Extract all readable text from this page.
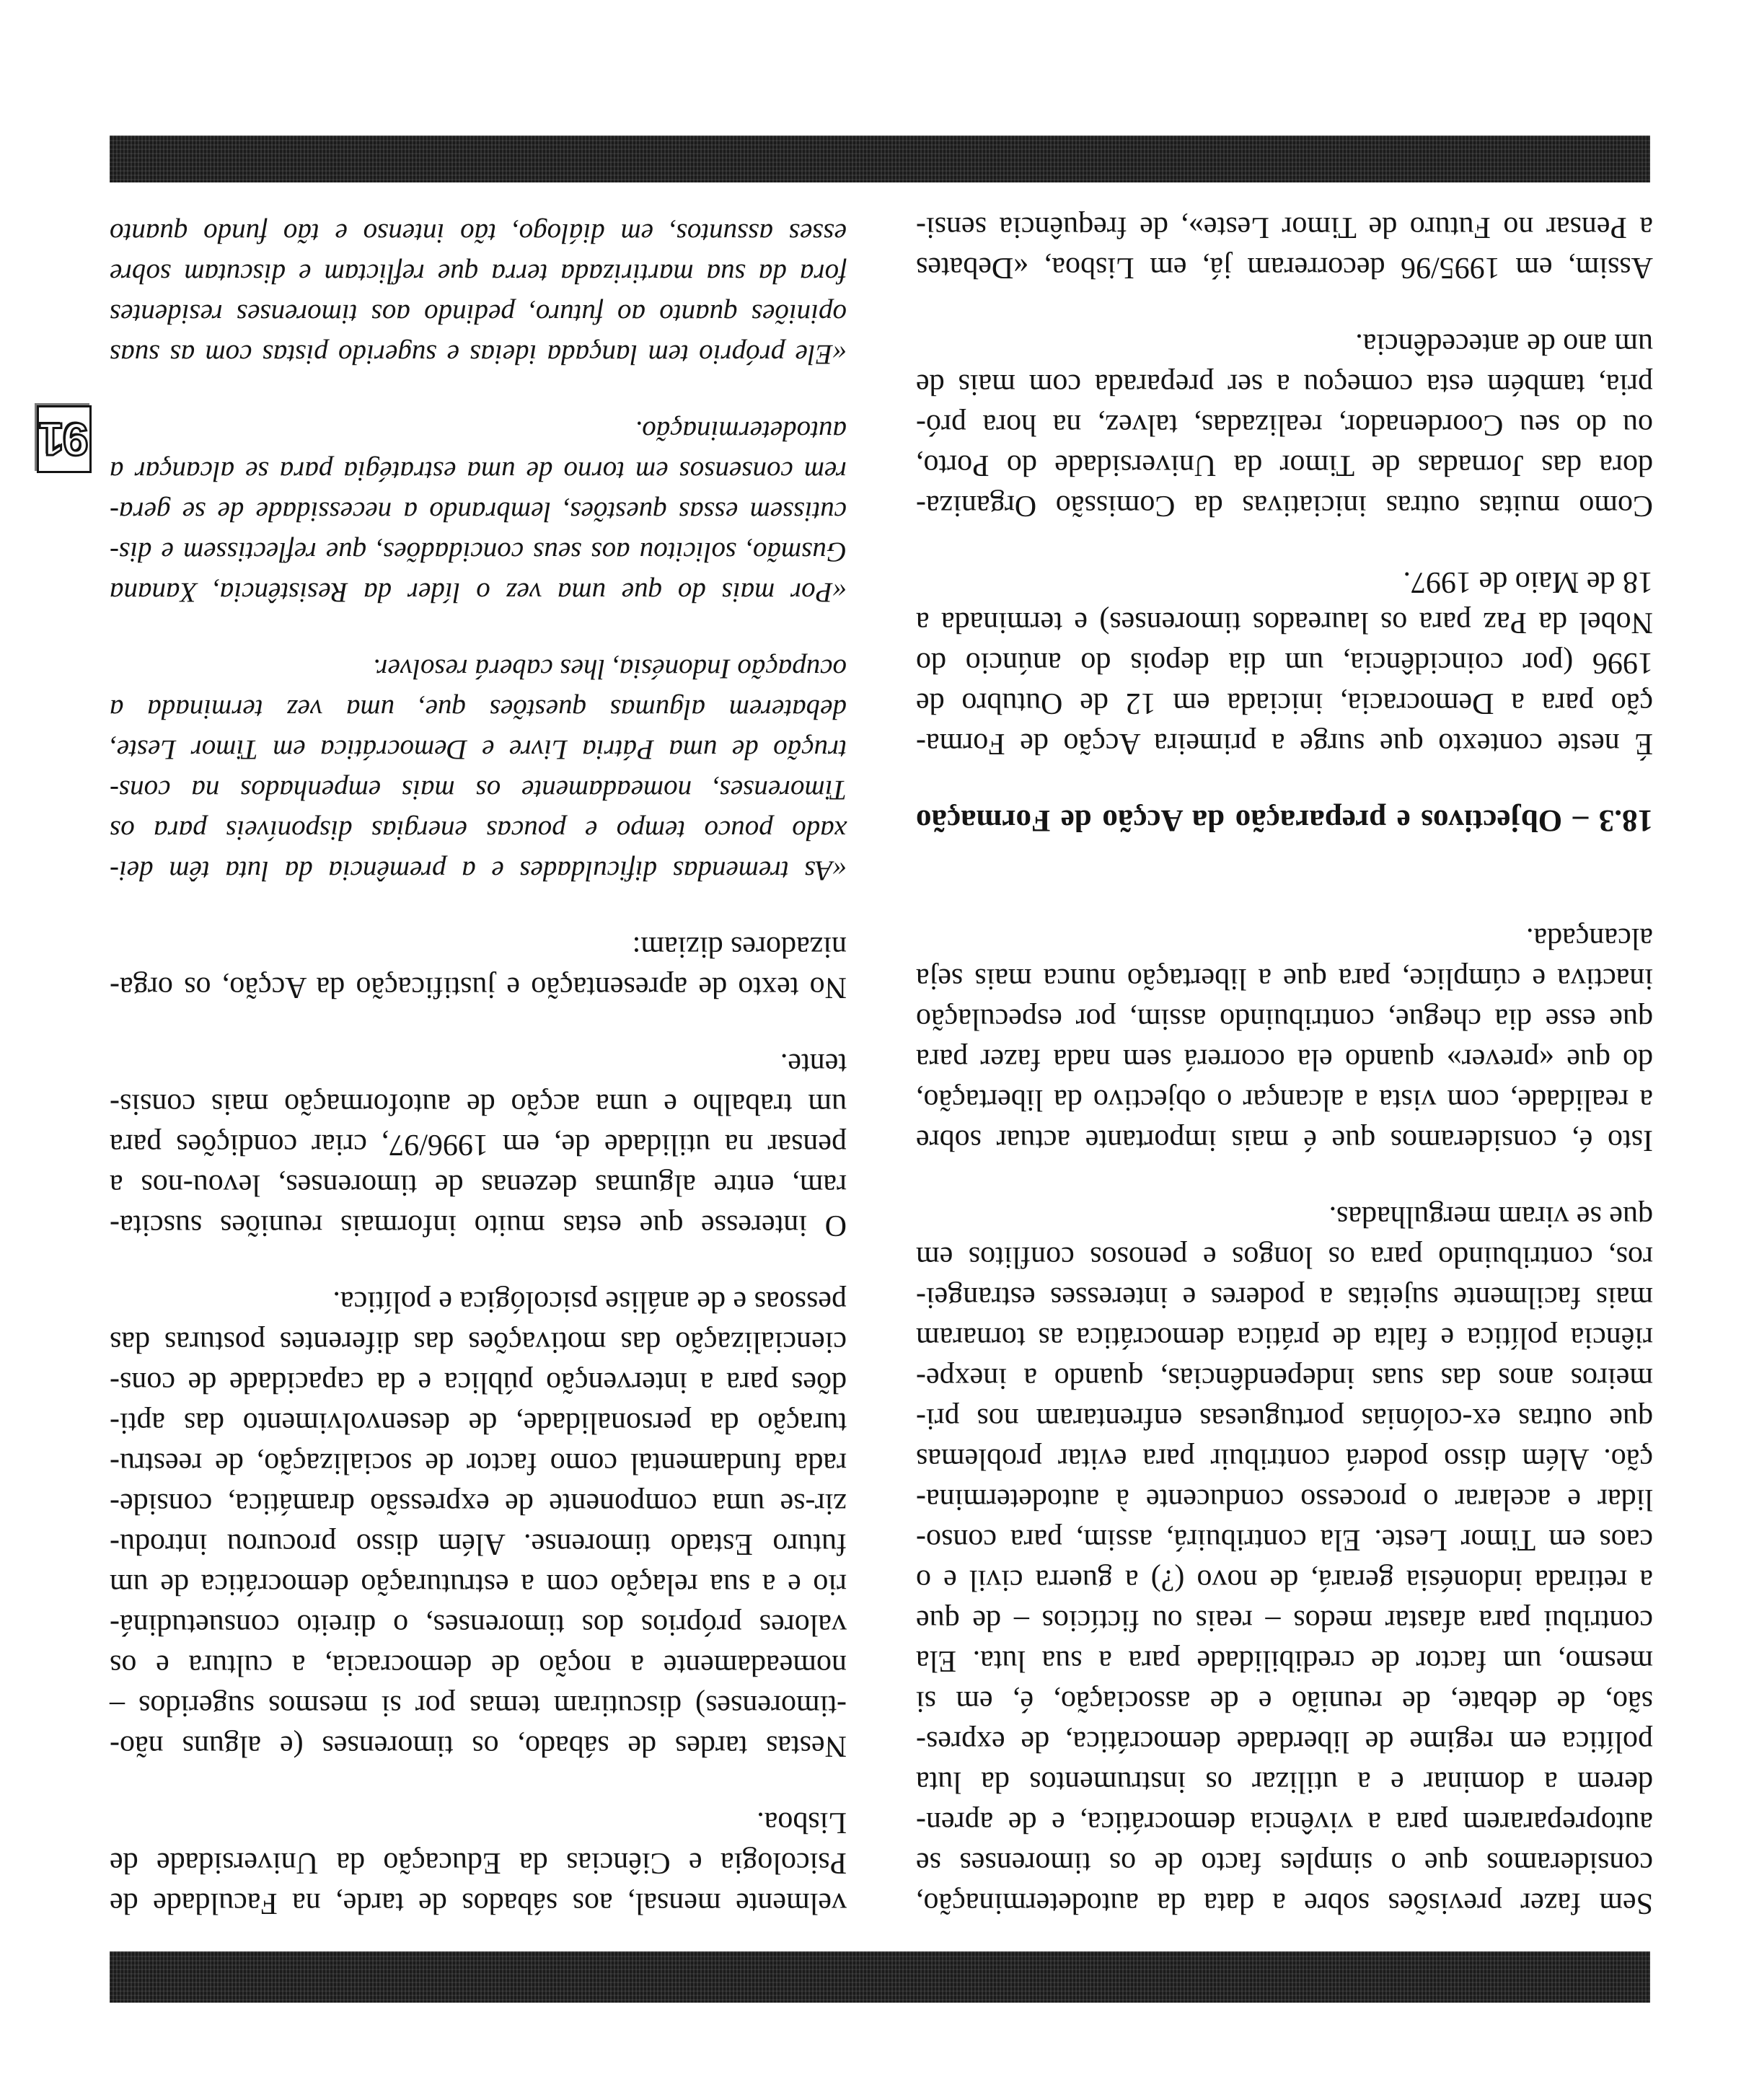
Sem fazer previsões sobre a data da autodeterminação,
consideramos que o simples facto de os timorenses se
autoprepararem para a vivência democrática, e de apren-
derem a dominar e a utilizar os instrumentos da luta
política em regime de liberdade democrática, de expres-
são, de debate, de reunião e de associação, é, em si
mesmo, um factor de credibilidade para a sua luta. Ela
contribui para afastar medos – reais ou fictícios – de que
a retirada indonésia gerará, de novo (?) a guerra civil e o
caos em Timor Leste. Ela contribuirá, assim, para conso-
lidar e acelarar o processo conducente à autodetermina-
ção. Além disso poderá contribuir para evitar problemas
que outras ex-colónias portuguesas enfrentaram nos pri-
meiros anos das suas independências, quando a inexpe-
riência política e falta de prática democrática as tornaram
mais facilmente sujeitas a poderes e interesses estrangei-
ros, contribuindo para os longos e penosos conflitos em
que se viram mergulhadas.
Isto é, consideramos que é mais importante actuar sobre
a realidade, com vista a alcançar o objectivo da libertação,
do que «prever» quando ela ocorrerá sem nada fazer para
que esse dia chegue, contribuindo assim, por especulação
inactiva e cúmplice, para que a libertação nunca mais seja
alcançada.
18.3 – Objectivos e preparação da Acção de Formação
É neste contexto que surge a primeira Acção de Forma-
ção para a Democracia, iniciada em 12 de Outubro de
1996 (por coincidência, um dia depois do anúncio do
Nobel da Paz para os laureados timorenses) e terminada a
18 de Maio de 1997.
Como muitas outras iniciativas da Comissão Organiza-
dora das Jornadas de Timor da Universidade do Porto,
ou do seu Coordenador, realizadas, talvez, na hora pró-
pria, também esta começou a ser preparada com mais de
um ano de antecedência.
Assim, em 1995/96 decorreram já, em Lisboa, «Debates
a Pensar no Futuro de Timor Leste», de frequência sensi-
velmente mensal, aos sábados de tarde, na Faculdade de
Psicologia e Ciências da Educação da Universidade de
Lisboa.
Nestas tardes de sábado, os timorenses (e alguns não-
-timorenses) discutiram temas por si mesmos sugeridos –
nomeadamente a noção de democracia, a cultura e os
valores próprios dos timorenses, o direito consuetudiná-
rio e a sua relação com a estruturação democrática de um
futuro Estado timorense. Além disso procurou introdu-
zir-se uma componente de expressão dramática, conside-
rada fundamental como factor de socialização, de reestru-
turação da personalidade, de desenvolvimento das apti-
dões para a intervenção pública e da capacidade de cons-
ciencialização das motivações das diferentes posturas das
pessoas e de análise psicológica e política.
O interesse que estas muito informais reuniões suscita-
ram, entre algumas dezenas de timorenses, levou-nos a
pensar na utilidade de, em 1996/97, criar condições para
um trabalho e uma acção de autoformação mais consis-
tente.
No texto de apresentação e justificação da Acção, os orga-
nizadores diziam:
«As tremendas dificuldades e a premência da luta têm dei-
xado pouco tempo e poucas energias disponíveis para os
Timorenses, nomeadamente os mais empenhados na cons-
trução de uma Pátria Livre e Democrática em Timor Leste,
debaterem algumas questões que, uma vez terminada a
ocupação Indonésia, lhes caberá resolver.
«Por mais do que uma vez o líder da Resistência, Xanana
Gusmão, solicitou aos seus concidadões, que reflectissem e dis-
cutissem essas questões, lembrando a necessidade de se gera-
rem consensos em torno de uma estratégia para se alcançar a
autodeterminação.
«Ele próprio tem lançada ideias e sugerido pistas com as suas
opiniões quanto ao futuro, pedindo aos timorenses residentes
fora da sua martirizada terra que reflictam e discutam sobre
esses assuntos, em diálogo, tão intenso e tão fundo quanto
91
